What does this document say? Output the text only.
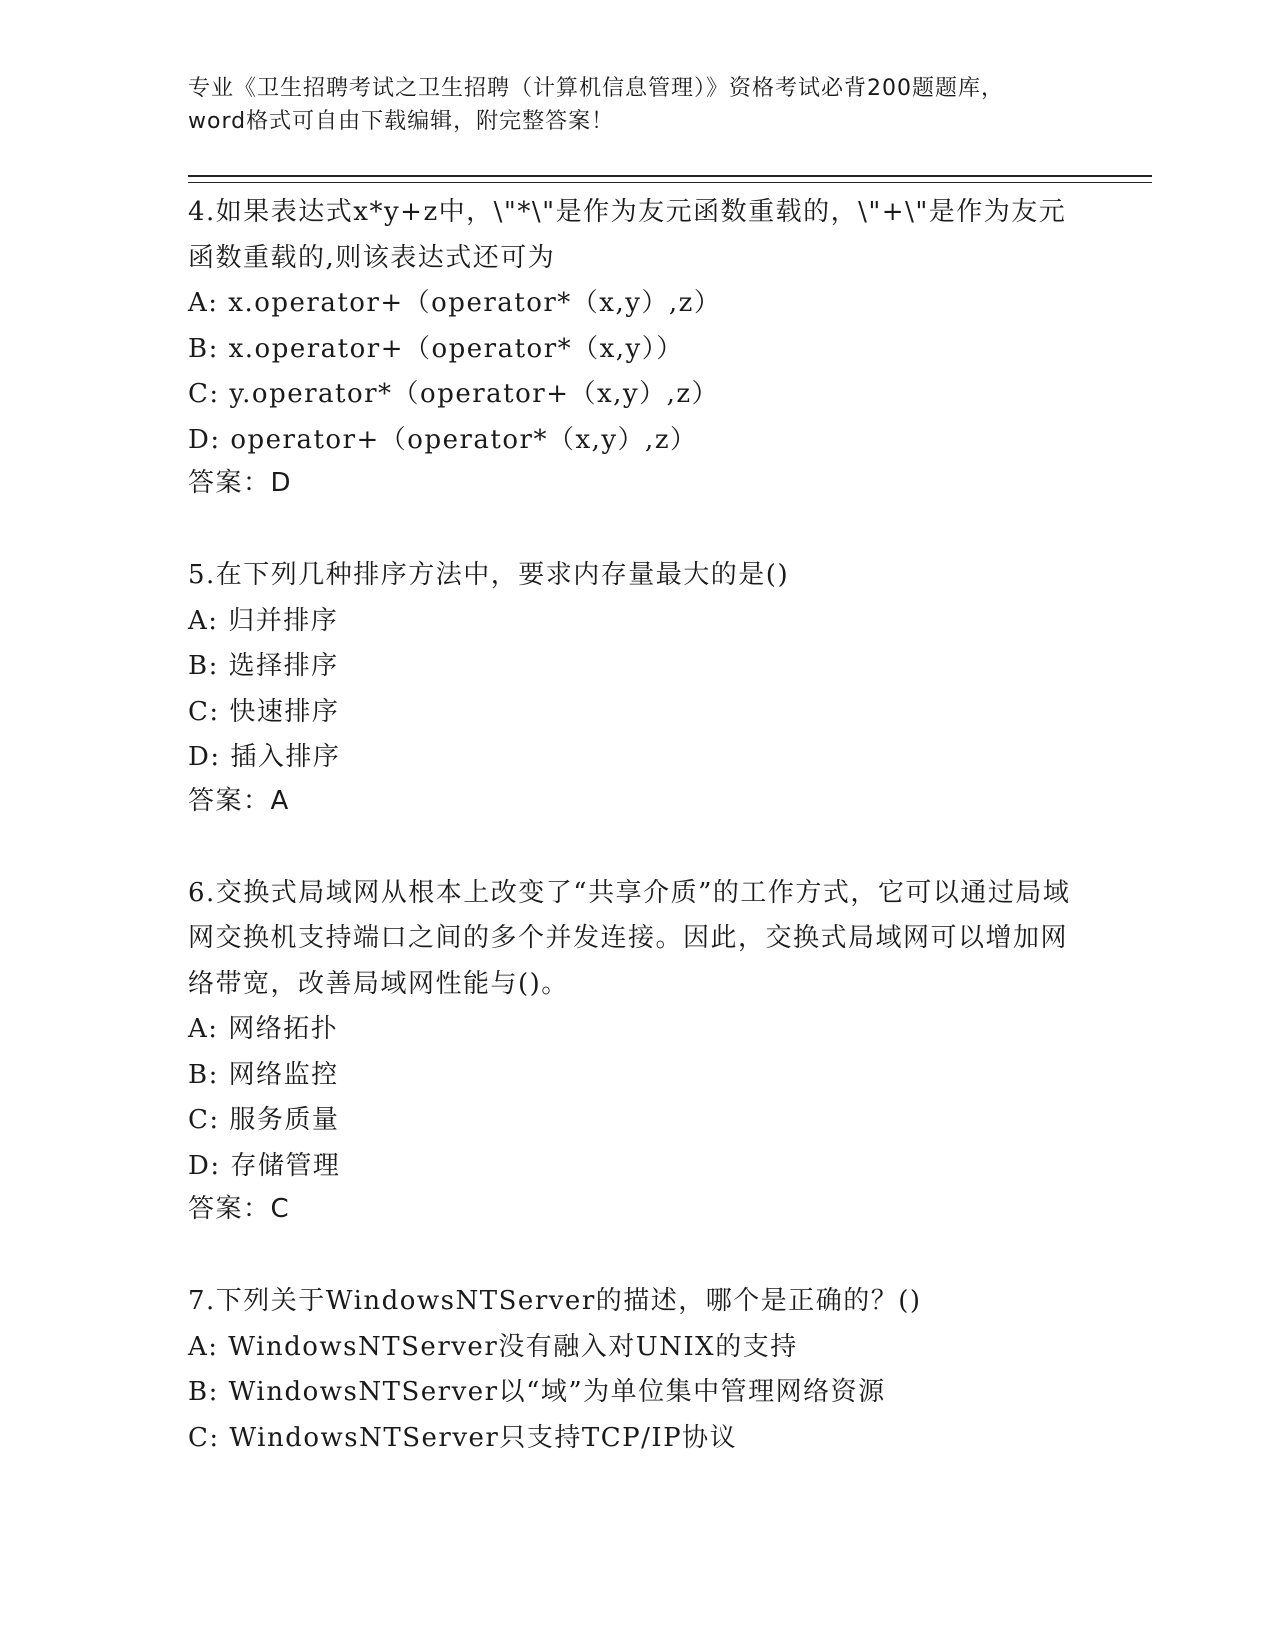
专业《卫生招聘考试之卫生招聘（计算机信息管理）》资格考试必背200题题库，
word格式可自由下载编辑，附完整答案！
4.如果表达式x*y+z中，\"*\"是作为友元函数重载的，\"+\"是作为友元函数重载的,则该表达式还可为
A: x.operator+（operator*（x,y）,z）
B: x.operator+（operator*（x,y））
C: y.operator*（operator+（x,y）,z）
D: operator+（operator*（x,y）,z）
答案：D
5.在下列几种排序方法中，要求内存量最大的是()
A: 归并排序
B: 选择排序
C: 快速排序
D: 插入排序
答案：A
6.交换式局域网从根本上改变了“共享介质”的工作方式，它可以通过局域网交换机支持端口之间的多个并发连接。因此，交换式局域网可以增加网络带宽，改善局域网性能与()。
A: 网络拓扑
B: 网络监控
C: 服务质量
D: 存储管理
答案：C
7.下列关于WindowsNTServer的描述，哪个是正确的？()
A: WindowsNTServer没有融入对UNIX的支持
B: WindowsNTServer以“域”为单位集中管理网络资源
C: WindowsNTServer只支持TCP/IP协议
